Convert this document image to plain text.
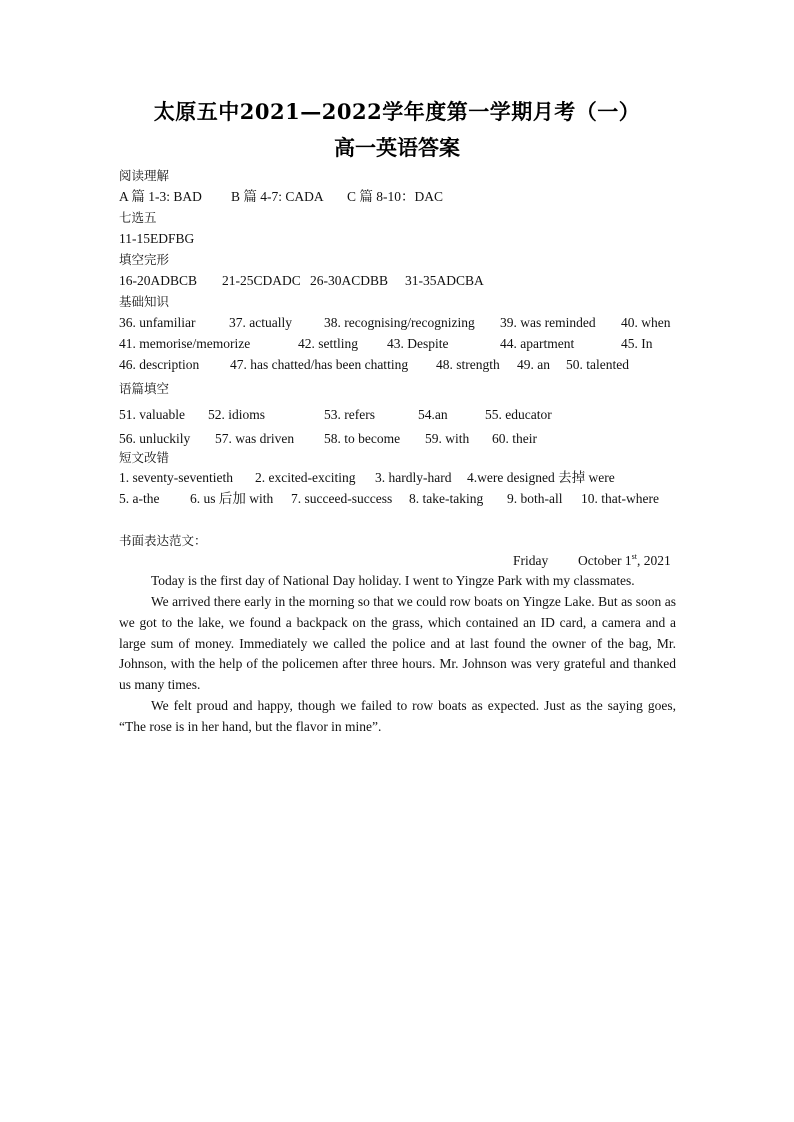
太原五中2021—2022学年度第一学期月考（一）
高一英语答案
阅读理解
A 篇 1-3: BAD B 篇 4-7: CADA C 篇 8-10：DAC
七选五
11-15EDFBG
填空完形
16-20ADBCB 21-25CDADC 26-30ACDBB 31-35ADCBA
基础知识
36. unfamiliar 37. actually 38. recognising/recognizing 39. was reminded 40. when
41. memorise/memorize	42. settling 43. Despite	44. apartment	45. In
46. description 47. has chatted/has been chatting 48. strength 49. an 50. talented
语篇填空
51. valuable 52. idioms	53. refers	54.an	55. educator
56. unluckily 57. was driven 58. to become 59. with 60. their
短文改错
1. seventy-seventieth 2. excited-exciting 3. hardly-hard 4.were designed 去掉 were
5. a-the 6. us 后加 with 7. succeed-success 8. take-taking 9. both-all 10. that-where
书面表达范文：
Friday October 1st, 2021
Today is the first day of National Day holiday. I went to Yingze Park with my classmates.
We arrived there early in the morning so that we could row boats on Yingze Lake. But as soon as we got to the lake, we found a backpack on the grass, which contained an ID card, a camera and a large sum of money. Immediately we called the police and at last found the owner of the bag, Mr. Johnson, with the help of the policemen after three hours. Mr. Johnson was very grateful and thanked us many times.
We felt proud and happy, though we failed to row boats as expected. Just as the saying goes, “The rose is in her hand, but the flavor in mine”.
